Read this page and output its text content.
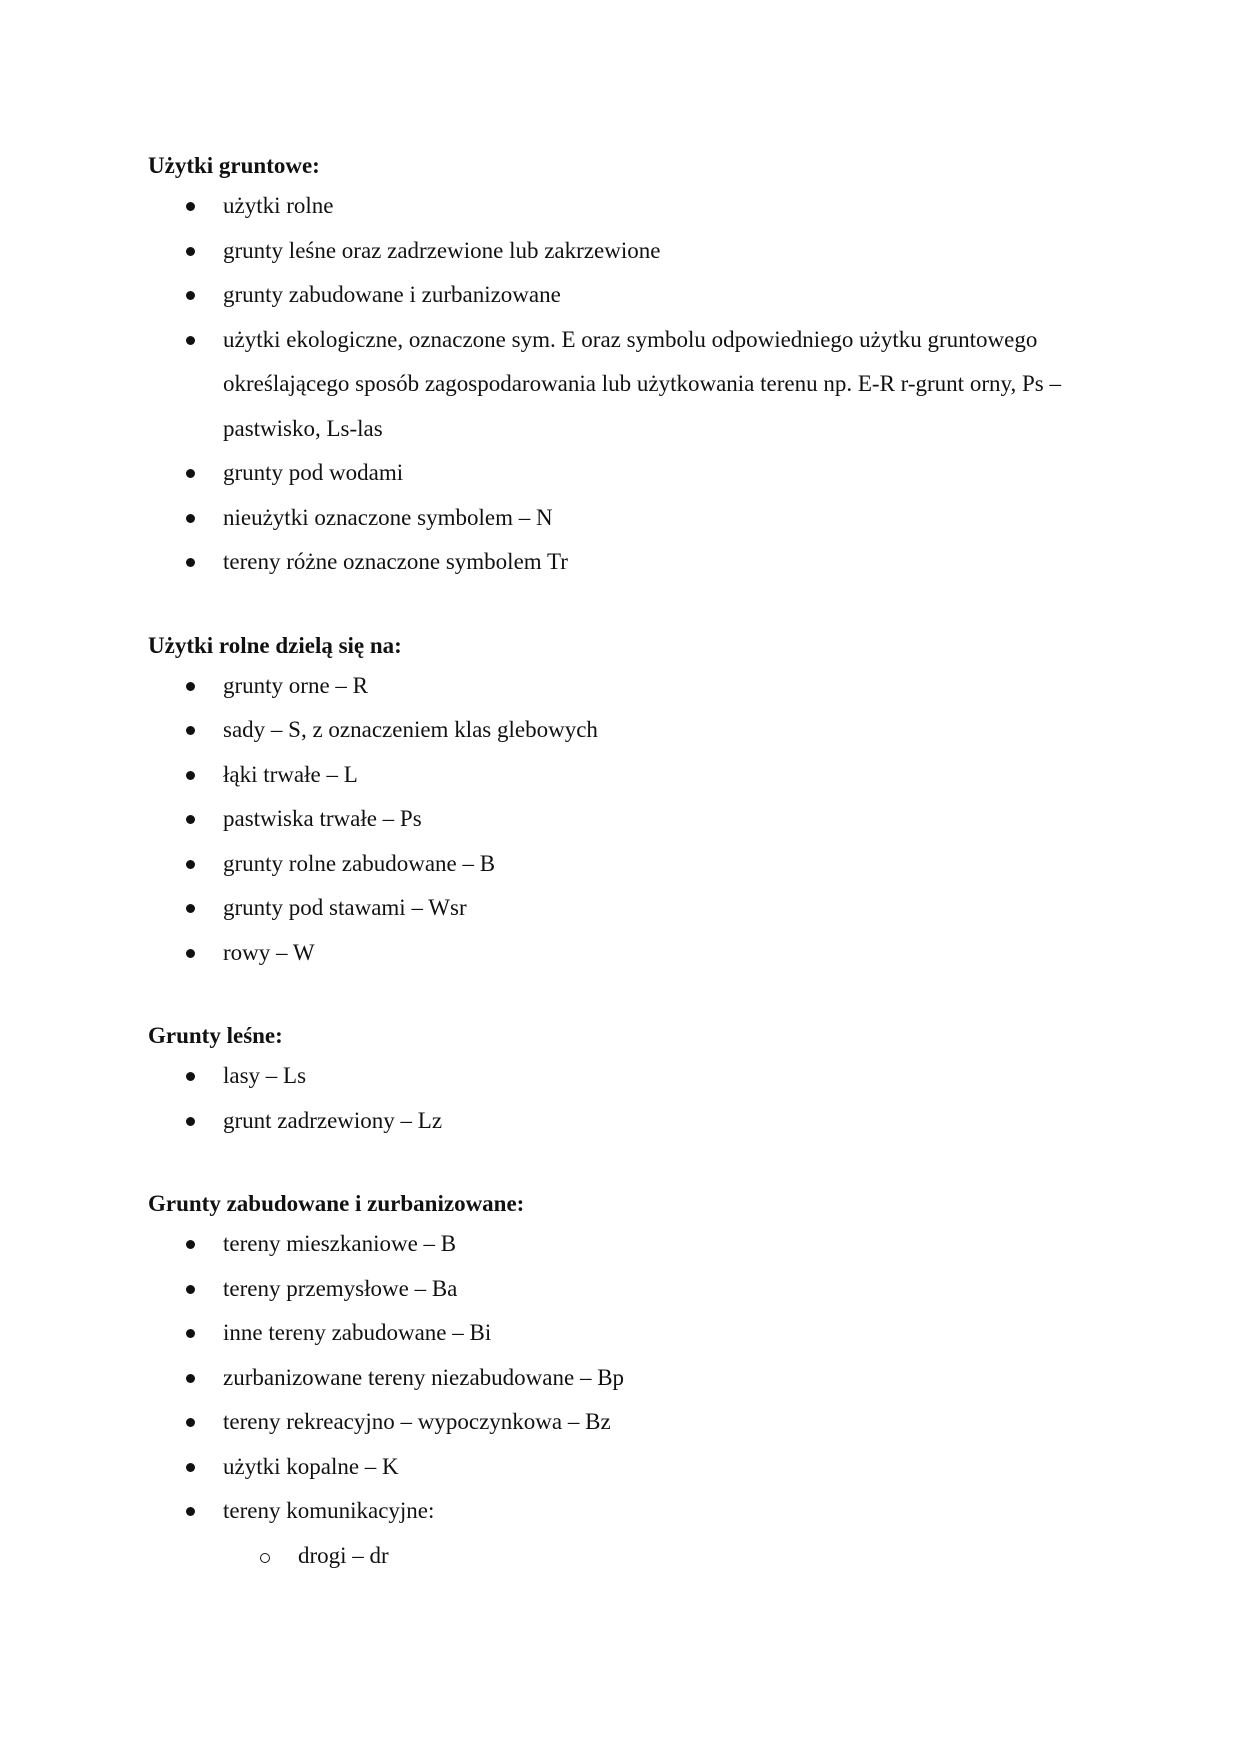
Użytki gruntowe:

użytki rolne
grunty leśne oraz zadrzewione lub zakrzewione
grunty zabudowane i zurbanizowane
użytki ekologiczne, oznaczone sym. E oraz symbolu odpowiedniego użytku gruntowego określającego sposób zagospodarowania lub użytkowania terenu np. E-R r-grunt orny, Ps – pastwisko, Ls-las
grunty pod wodami
nieużytki oznaczone symbolem – N
tereny różne oznaczone symbolem Tr

Użytki rolne dzielą się na:

grunty orne – R
sady – S, z oznaczeniem klas glebowych
łąki trwałe – L
pastwiska trwałe – Ps
grunty rolne zabudowane – B
grunty pod stawami – Wsr
rowy – W

Grunty leśne:

lasy – Ls
grunt zadrzewiony – Lz

Grunty zabudowane i zurbanizowane:

tereny mieszkaniowe – B
tereny przemysłowe – Ba
inne tereny zabudowane – Bi
zurbanizowane tereny niezabudowane – Bp
tereny rekreacyjno – wypoczynkowa – Bz
użytki kopalne – K
tereny komunikacyjne:
drogi – dr
